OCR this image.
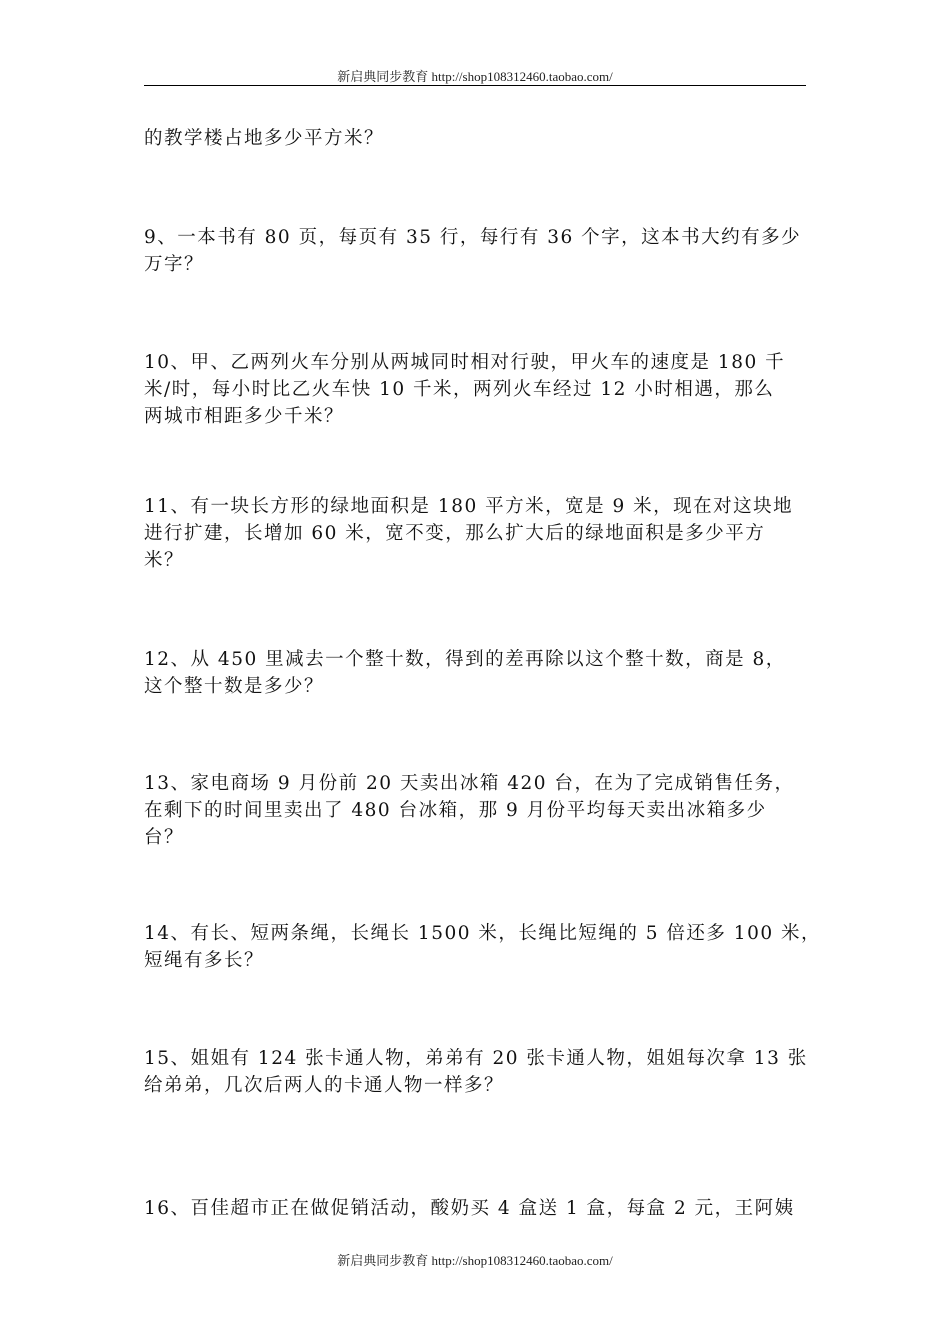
新启典同步教育 http://shop108312460.taobao.com/
的教学楼占地多少平方米？
9、一本书有 80 页，每页有 35 行，每行有 36 个字，这本书大约有多少
万字？
10、甲、乙两列火车分别从两城同时相对行驶，甲火车的速度是 180 千
米/时，每小时比乙火车快 10 千米，两列火车经过 12 小时相遇，那么
两城市相距多少千米？
11、有一块长方形的绿地面积是 180 平方米，宽是 9 米，现在对这块地
进行扩建，长增加 60 米，宽不变，那么扩大后的绿地面积是多少平方
米？
12、从 450 里减去一个整十数，得到的差再除以这个整十数，商是 8，
这个整十数是多少？
13、家电商场 9 月份前 20 天卖出冰箱 420 台，在为了完成销售任务，
在剩下的时间里卖出了 480 台冰箱，那 9 月份平均每天卖出冰箱多少
台？
14、有长、短两条绳，长绳长 1500 米，长绳比短绳的 5 倍还多 100 米，
短绳有多长？
15、姐姐有 124 张卡通人物，弟弟有 20 张卡通人物，姐姐每次拿 13 张
给弟弟，几次后两人的卡通人物一样多？
16、百佳超市正在做促销活动，酸奶买 4 盒送 1 盒，每盒 2 元，王阿姨
新启典同步教育 http://shop108312460.taobao.com/
